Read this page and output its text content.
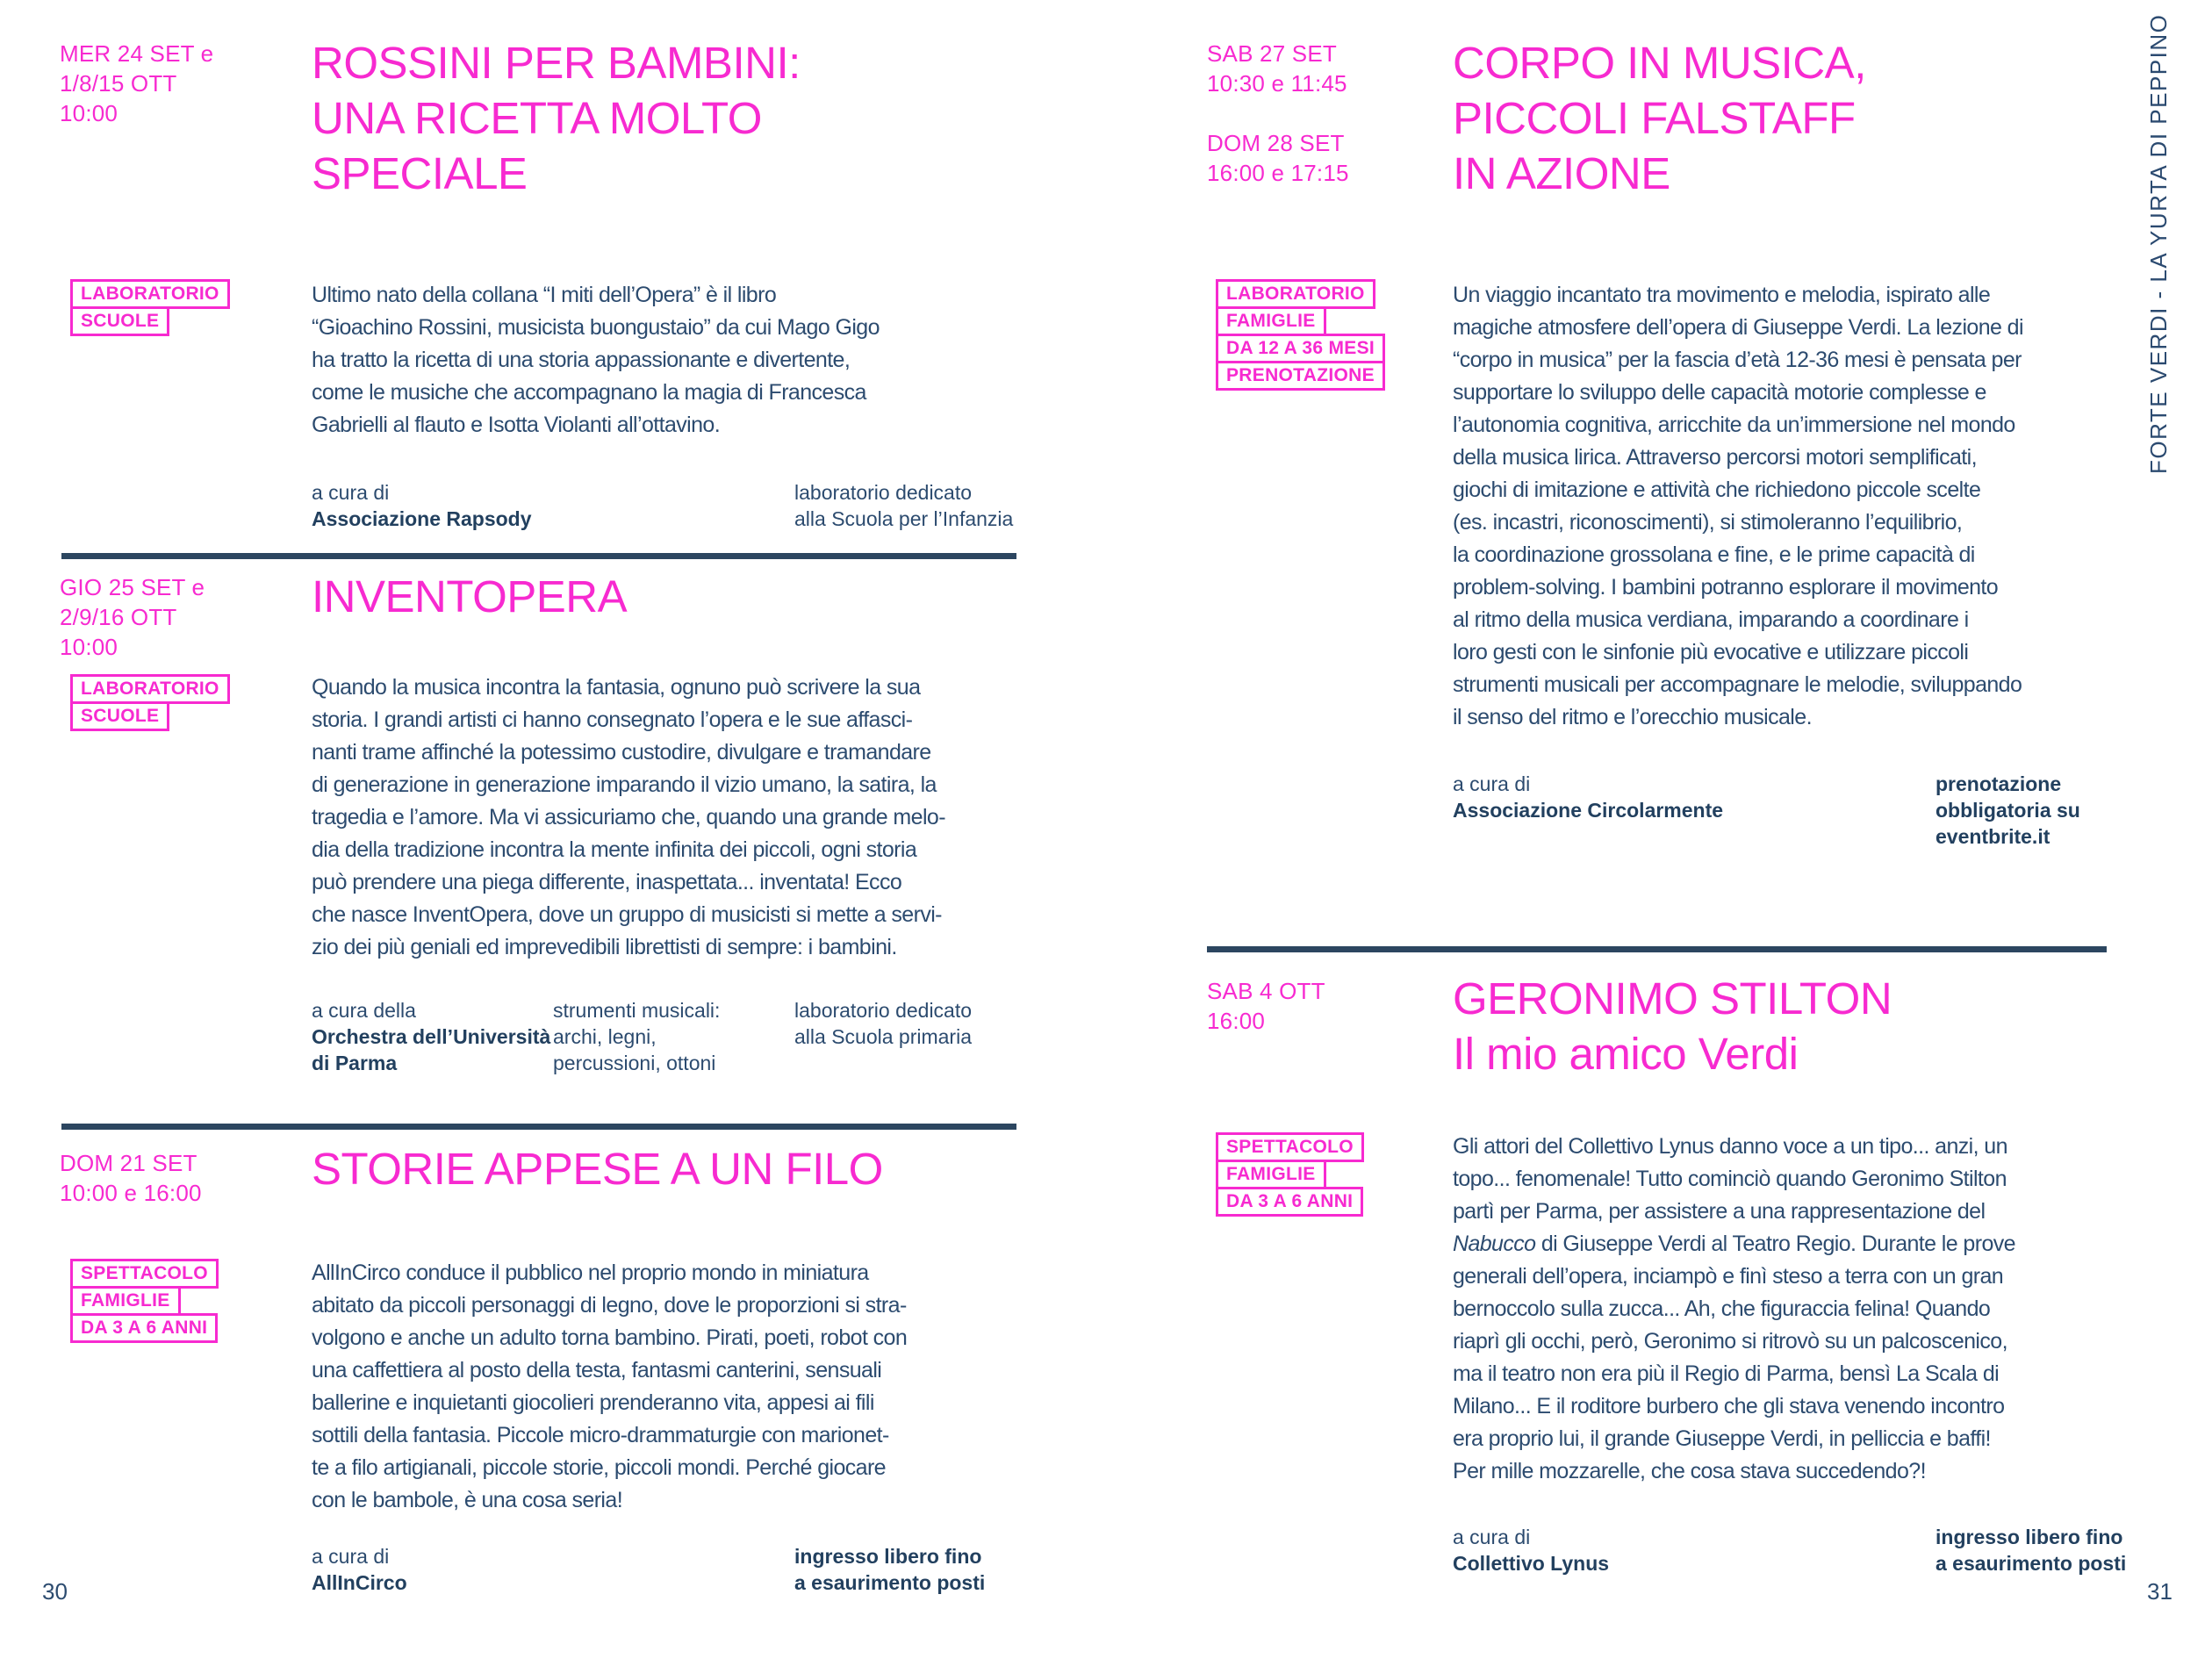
MER 24 SET e
1/8/15 OTT
10:00
ROSSINI PER BAMBINI:
UNA RICETTA MOLTO
SPECIALE
LABORATORIO
SCUOLE
Ultimo nato della collana “I miti dell’Opera” è il libro
“Gioachino Rossini, musicista buongustaio” da cui Mago Gigo
ha tratto la ricetta di una storia appassionante e divertente,
come le musiche che accompagnano la magia di Francesca
Gabrielli al flauto e Isotta Violanti all’ottavino.
a cura di
Associazione Rapsody
laboratorio dedicato
alla Scuola per l’Infanzia
GIO 25 SET e
2/9/16 OTT
10:00
INVENTOPERA
LABORATORIO
SCUOLE
Quando la musica incontra la fantasia, ognuno può scrivere la sua
storia. I grandi artisti ci hanno consegnato l’opera e le sue affasci-
nanti trame affinché la potessimo custodire, divulgare e tramandare
di generazione in generazione imparando il vizio umano, la satira, la
tragedia e l’amore. Ma vi assicuriamo che, quando una grande melo-
dia della tradizione incontra la mente infinita dei piccoli, ogni storia
può prendere una piega differente, inaspettata... inventata! Ecco
che nasce InventOpera, dove un gruppo di musicisti si mette a servi-
zio dei più geniali ed imprevedibili librettisti di sempre: i bambini.
a cura della
Orchestra dell’Università
di Parma
strumenti musicali:
archi, legni,
percussioni, ottoni
laboratorio dedicato
alla Scuola primaria
DOM 21 SET
10:00 e 16:00 STORIE APPESE A UN FILO
SPETTACOLO
FAMIGLIE
DA 3 A 6 ANNI
AllInCirco conduce il pubblico nel proprio mondo in miniatura
abitato da piccoli personaggi di legno, dove le proporzioni si stra-
volgono e anche un adulto torna bambino. Pirati, poeti, robot con
una caffettiera al posto della testa, fantasmi canterini, sensuali
ballerine e inquietanti giocolieri prenderanno vita, appesi ai fili
sottili della fantasia. Piccole micro-drammaturgie con marionet-
te a filo artigianali, piccole storie, piccoli mondi. Perché giocare
con le bambole, è una cosa seria!
a cura di
AllInCirco
ingresso libero fino
a esaurimento posti
30
SAB 27 SET
10:30 e 11:45
DOM 28 SET
16:00 e 17:15
CORPO IN MUSICA,
PICCOLI FALSTAFF
IN AZIONE
LABORATORIO
FAMIGLIE
DA 12 A 36 MESI
PRENOTAZIONE
Un viaggio incantato tra movimento e melodia, ispirato alle
magiche atmosfere dell’opera di Giuseppe Verdi. La lezione di
“corpo in musica” per la fascia d’età 12-36 mesi è pensata per
supportare lo sviluppo delle capacità motorie complesse e
l’autonomia cognitiva, arricchite da un’immersione nel mondo
della musica lirica. Attraverso percorsi motori semplificati,
giochi di imitazione e attività che richiedono piccole scelte
(es. incastri, riconoscimenti), si stimoleranno l’equilibrio,
la coordinazione grossolana e fine, e le prime capacità di
problem-solving. I bambini potranno esplorare il movimento
al ritmo della musica verdiana, imparando a coordinare i
loro gesti con le sinfonie più evocative e utilizzare piccoli
strumenti musicali per accompagnare le melodie, sviluppando
il senso del ritmo e l’orecchio musicale.
a cura di
Associazione Circolarmente
prenotazione
obbligatoria su
eventbrite.it
SAB 4 OTT
16:00	GERONIMO STILTON
Il mio amico Verdi
SPETTACOLO
FAMIGLIE
DA 3 A 6 ANNI
Gli attori del Collettivo Lynus danno voce a un tipo... anzi, un
topo... fenomenale! Tutto cominciò quando Geronimo Stilton
partì per Parma, per assistere a una rappresentazione del
Nabucco di Giuseppe Verdi al Teatro Regio. Durante le prove
generali dell’opera, inciampò e finì steso a terra con un gran
bernoccolo sulla zucca... Ah, che figuraccia felina! Quando
riaprì gli occhi, però, Geronimo si ritrovò su un palcoscenico,
ma il teatro non era più il Regio di Parma, bensì La Scala di
Milano... E il roditore burbero che gli stava venendo incontro
era proprio lui, il grande Giuseppe Verdi, in pelliccia e baffi!
Per mille mozzarelle, che cosa stava succedendo?!
a cura di
Collettivo Lynus
ingresso libero fino
a esaurimento posti
31
FORTE VERDI - LA YURTA DI PEPPINO
